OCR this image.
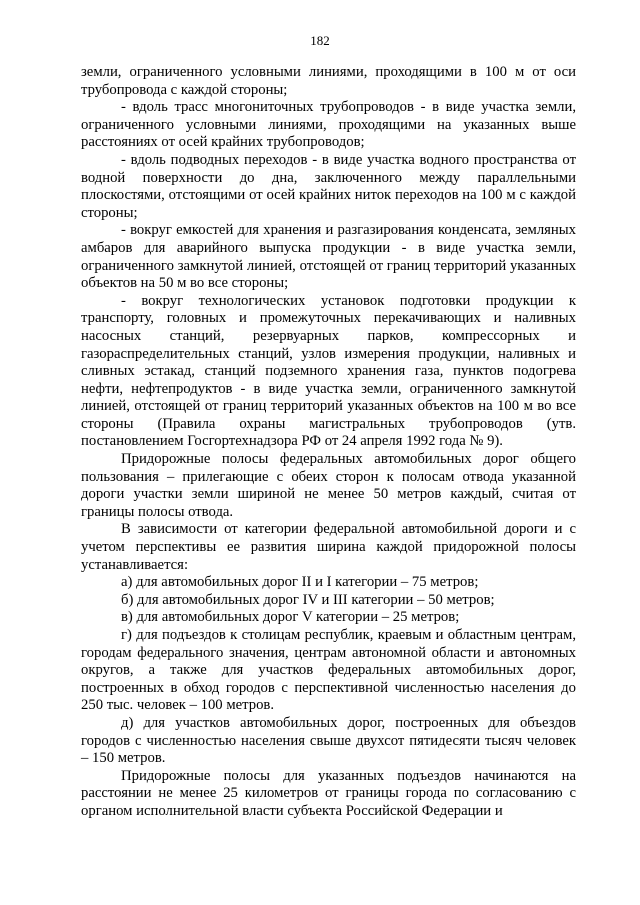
182

земли, ограниченного условными линиями, проходящими в 100 м от оси трубопровода с каждой стороны;

- вдоль трасс многониточных трубопроводов - в виде участка земли, ограниченного условными линиями, проходящими на указанных выше расстояниях от осей крайних трубопроводов;

- вдоль подводных переходов - в виде участка водного пространства от водной поверхности до дна, заключенного между параллельными плоскостями, отстоящими от осей крайних ниток переходов на 100 м с каждой стороны;

- вокруг емкостей для хранения и разгазирования конденсата, земляных амбаров для аварийного выпуска продукции - в виде участка земли, ограниченного замкнутой линией, отстоящей от границ территорий указанных объектов на 50 м во все стороны;

- вокруг технологических установок подготовки продукции к транспорту, головных и промежуточных перекачивающих и наливных насосных станций, резервуарных парков, компрессорных и газораспределительных станций, узлов измерения продукции, наливных и сливных эстакад, станций подземного хранения газа, пунктов подогрева нефти, нефтепродуктов - в виде участка земли, ограниченного замкнутой линией, отстоящей от границ территорий указанных объектов на 100 м во все стороны (Правила охраны магистральных трубопроводов (утв. постановлением Госгортехнадзора РФ от 24 апреля 1992 года № 9).

Придорожные полосы федеральных автомобильных дорог общего пользования – прилегающие с обеих сторон к полосам отвода указанной дороги участки земли шириной не менее 50 метров каждый, считая от границы полосы отвода.

В зависимости от категории федеральной автомобильной дороги и с учетом перспективы ее развития ширина каждой придорожной полосы устанавливается:

а) для автомобильных дорог II и I категории – 75 метров;

б) для автомобильных дорог IV и III категории – 50 метров;

в) для автомобильных дорог V категории – 25 метров;

г) для подъездов к столицам республик, краевым и областным центрам, городам федерального значения, центрам автономной области и автономных округов, а также для участков федеральных автомобильных дорог, построенных в обход городов с перспективной численностью населения до 250 тыс. человек – 100 метров.

д) для участков автомобильных дорог, построенных для объездов городов с численностью населения свыше двухсот пятидесяти тысяч человек – 150 метров.

Придорожные полосы для указанных подъездов начинаются на расстоянии не менее 25 километров от границы города по согласованию с органом исполнительной власти субъекта Российской Федерации и
